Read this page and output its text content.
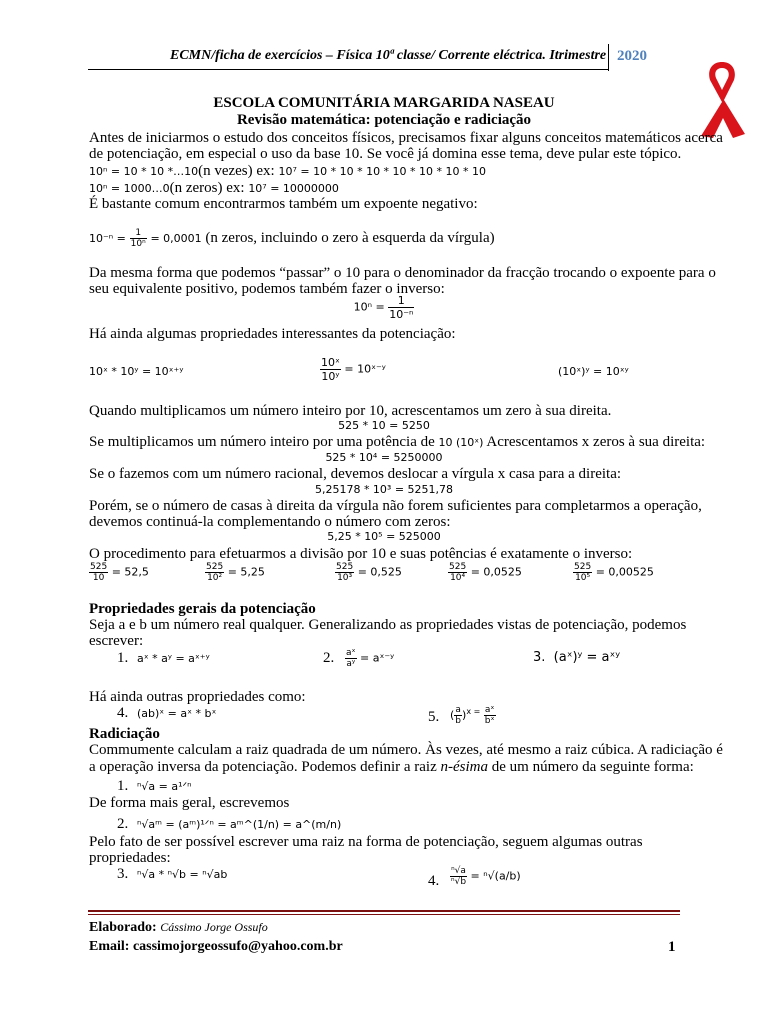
ECMN/ficha de exercícios – Física 10ª classe/ Corrente eléctrica. Itrimestre 2020
ESCOLA COMUNITÁRIA MARGARIDA NASEAU
Revisão matemática: potenciação e radiciação
Antes de iniciarmos o estudo dos conceitos físicos, precisamos fixar alguns conceitos matemáticos acerca
de potenciação, em especial o uso da base 10. Se você já domina esse tema, deve pular este tópico.
10ⁿ = 10 * 10 *…10(n vezes) ex: 10⁷ = 10 * 10 * 10 * 10 * 10 * 10 * 10
10ⁿ = 1000…0(n zeros) ex: 10⁷ = 10000000
É bastante comum encontrarmos também um expoente negativo:
$10^{-n} = \frac{1}{\text{10ⁿ}} = 0,0001$ (n zeros, incluindo o zero à esquerda da vírgula)
Da mesma forma que podemos “passar” o 10 para o denominador da fracção trocando o expoente para o
seu equivalente positivo, podemos também fazer o inverso:
$10^n = \frac{1}{\text{10⁻ⁿ}}$
Há ainda algumas propriedades interessantes da potenciação:
10ˣ * 10ʸ = 10ˣ⁺ʸ	$\frac{\text{10ˣ}}{\text{10ʸ}}$ = 10ˣ⁻ʸ	(10ˣ)ʸ = 10ˣʸ
Quando multiplicamos um número inteiro por 10, acrescentamos um zero à sua direita.
525 * 10 = 5250
Se multiplicamos um número inteiro por uma potência de 10 (10ˣ) Acrescentamos x zeros à sua direita:
525 * 10⁴ = 5250000
Se o fazemos com um número racional, devemos deslocar a vírgula x casa para a direita:
5,25178 * 10³ = 5251,78
Porém, se o número de casas à direita da vírgula não forem suficientes para completarmos a operação,
devemos continuá-la complementando o número com zeros:
5,25 * 10⁵ = 525000
O procedimento para efetuarmos a divisão por 10 e suas potências é exatamente o inverso:
$\frac{525}{10} = 52,5$	$\frac{525}{\text{10²}} = 5,25$	$\frac{525}{\text{10³}} = 0,525$	$\frac{525}{\text{10⁴}} = 0,0525$	$\frac{525}{\text{10⁵}} = 0,00525$
Propriedades gerais da potenciação
Seja a e b um número real qualquer. Generalizando as propriedades vistas de potenciação, podemos
escrever:
1. aˣ * aʸ = aˣ⁺ʸ	2. $\frac{\text{aˣ}}{\text{aʸ}}$ = aˣ⁻ʸ	3. (aˣ)ʸ = aˣʸ
Há ainda outras propriedades como:
4. (ab)ˣ = aˣ * bˣ	5. ( $\frac{a}{b} )^{x =} \frac{\text{aˣ}}{\text{bˣ}}$
Radiciação
Commumente calculam a raiz quadrada de um número. Às vezes, até mesmo a raiz cúbica. A radiciação é
a operação inversa da potenciação. Podemos definir a raiz n-ésima de um número da seguinte forma:
1. ⁿ√a = a¹ᐟⁿ
De forma mais geral, escrevemos
2. ⁿ√aᵐ = (aᵐ)¹ᐟⁿ = aᵐ^(1/n) = a^(m/n)
Pelo fato de ser possível escrever uma raiz na forma de potenciação, seguem algumas outras
propriedades:
3. ⁿ√a * ⁿ√b = ⁿ√ab	4. $\frac{\text{ⁿ√a}}{\text{ⁿ√b}} = ^n√(a/b)$
Elaborado: Cássimo Jorge Ossufo
Email: cassimojorgeossufo@yahoo.com.br	1
